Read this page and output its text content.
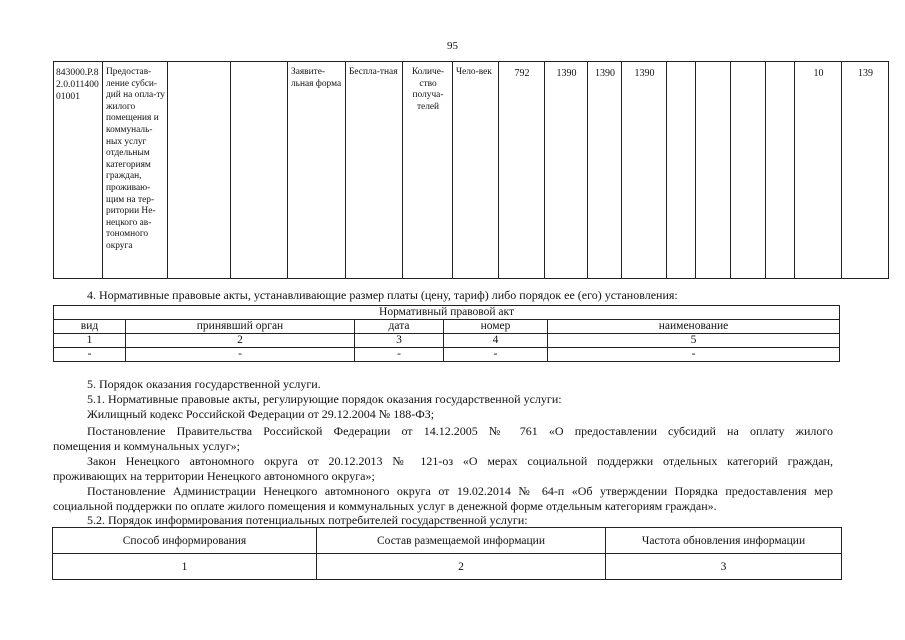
95
843000.Р.82.0.01140001001	Предостав-ление субси-дий на опла-ту жилого помещения и коммуналь-ных услуг отдельным категориям граждан, проживаю-щим на тер-ритории Не-нецкого ав-тономного округа			Заявите-льная форма	Беспла-тная	Количе-ство получа-телей	Чело-век	792	1390	1390	1390					10	139

4. Нормативные правовые акты, устанавливающие размер платы (цену, тариф) либо порядок ее (его) установления:

Нормативный правовой акт				
вид	принявший орган	дата	номер	наименование
1	2	3	4	5
-	-	-	-	-

5. Порядок оказания государственной услуги.

5.1. Нормативные правовые акты, регулирующие порядок оказания государственной услуги:

Жилищный кодекс Российской Федерации от 29.12.2004 № 188-ФЗ;

Постановление Правительства Российской Федерации от 14.12.2005 № 761 «О предоставлении субсидий на оплату жилого
помещения и коммунальных услуг»;

Закон Ненецкого автономного округа от 20.12.2013 № 121-оз «О мерах социальной поддержки отдельных категорий граждан,
проживающих на территории Ненецкого автономного округа»;

Постановление Администрации Ненецкого автомноного округа от 19.02.2014 № 64-п «Об утверждении Порядка предоставления мер
социальной поддержки по оплате жилого помещения и коммунальных услуг в денежной форме отдельным категориям граждан».

5.2. Порядок информирования потенциальных потребителей государственной услуги:

Способ информирования	Состав размещаемой информации	Частота обновления информации
1	2	3
